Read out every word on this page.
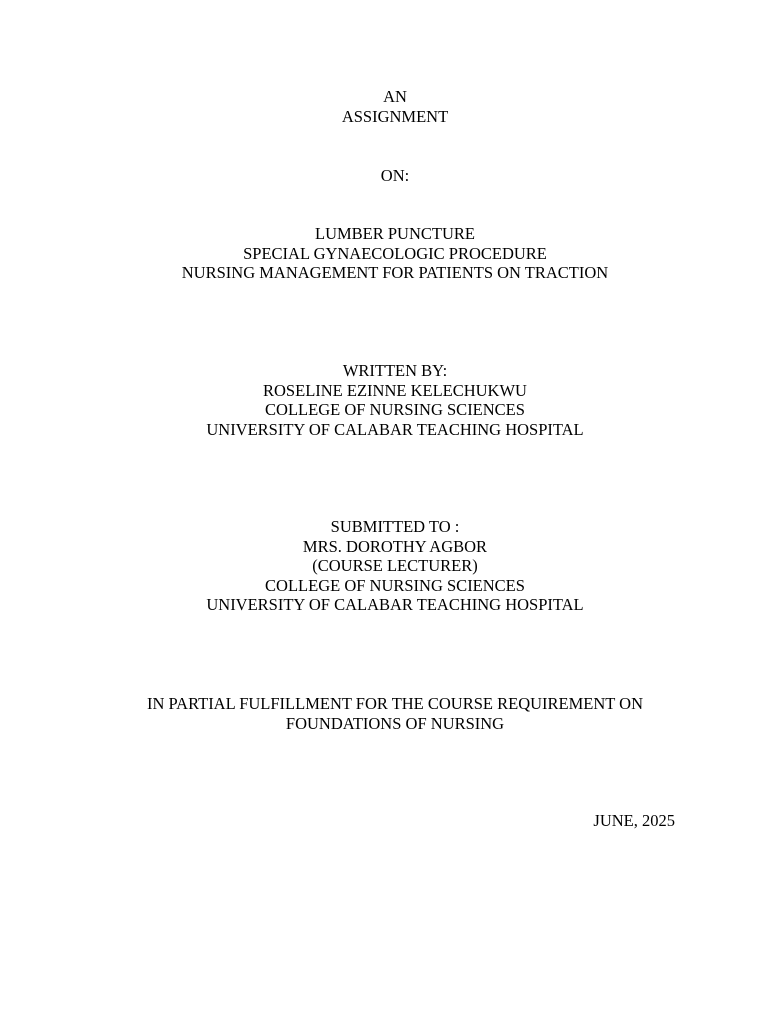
AN
ASSIGNMENT
ON:
LUMBER PUNCTURE
SPECIAL GYNAECOLOGIC PROCEDURE
NURSING MANAGEMENT FOR PATIENTS ON TRACTION
WRITTEN BY:
ROSELINE EZINNE KELECHUKWU
COLLEGE OF NURSING SCIENCES
UNIVERSITY OF CALABAR TEACHING HOSPITAL
SUBMITTED TO :
MRS. DOROTHY AGBOR
(COURSE LECTURER)
COLLEGE OF NURSING SCIENCES
UNIVERSITY OF CALABAR TEACHING HOSPITAL
IN PARTIAL FULFILLMENT FOR THE COURSE REQUIREMENT ON
FOUNDATIONS OF NURSING
JUNE, 2025
